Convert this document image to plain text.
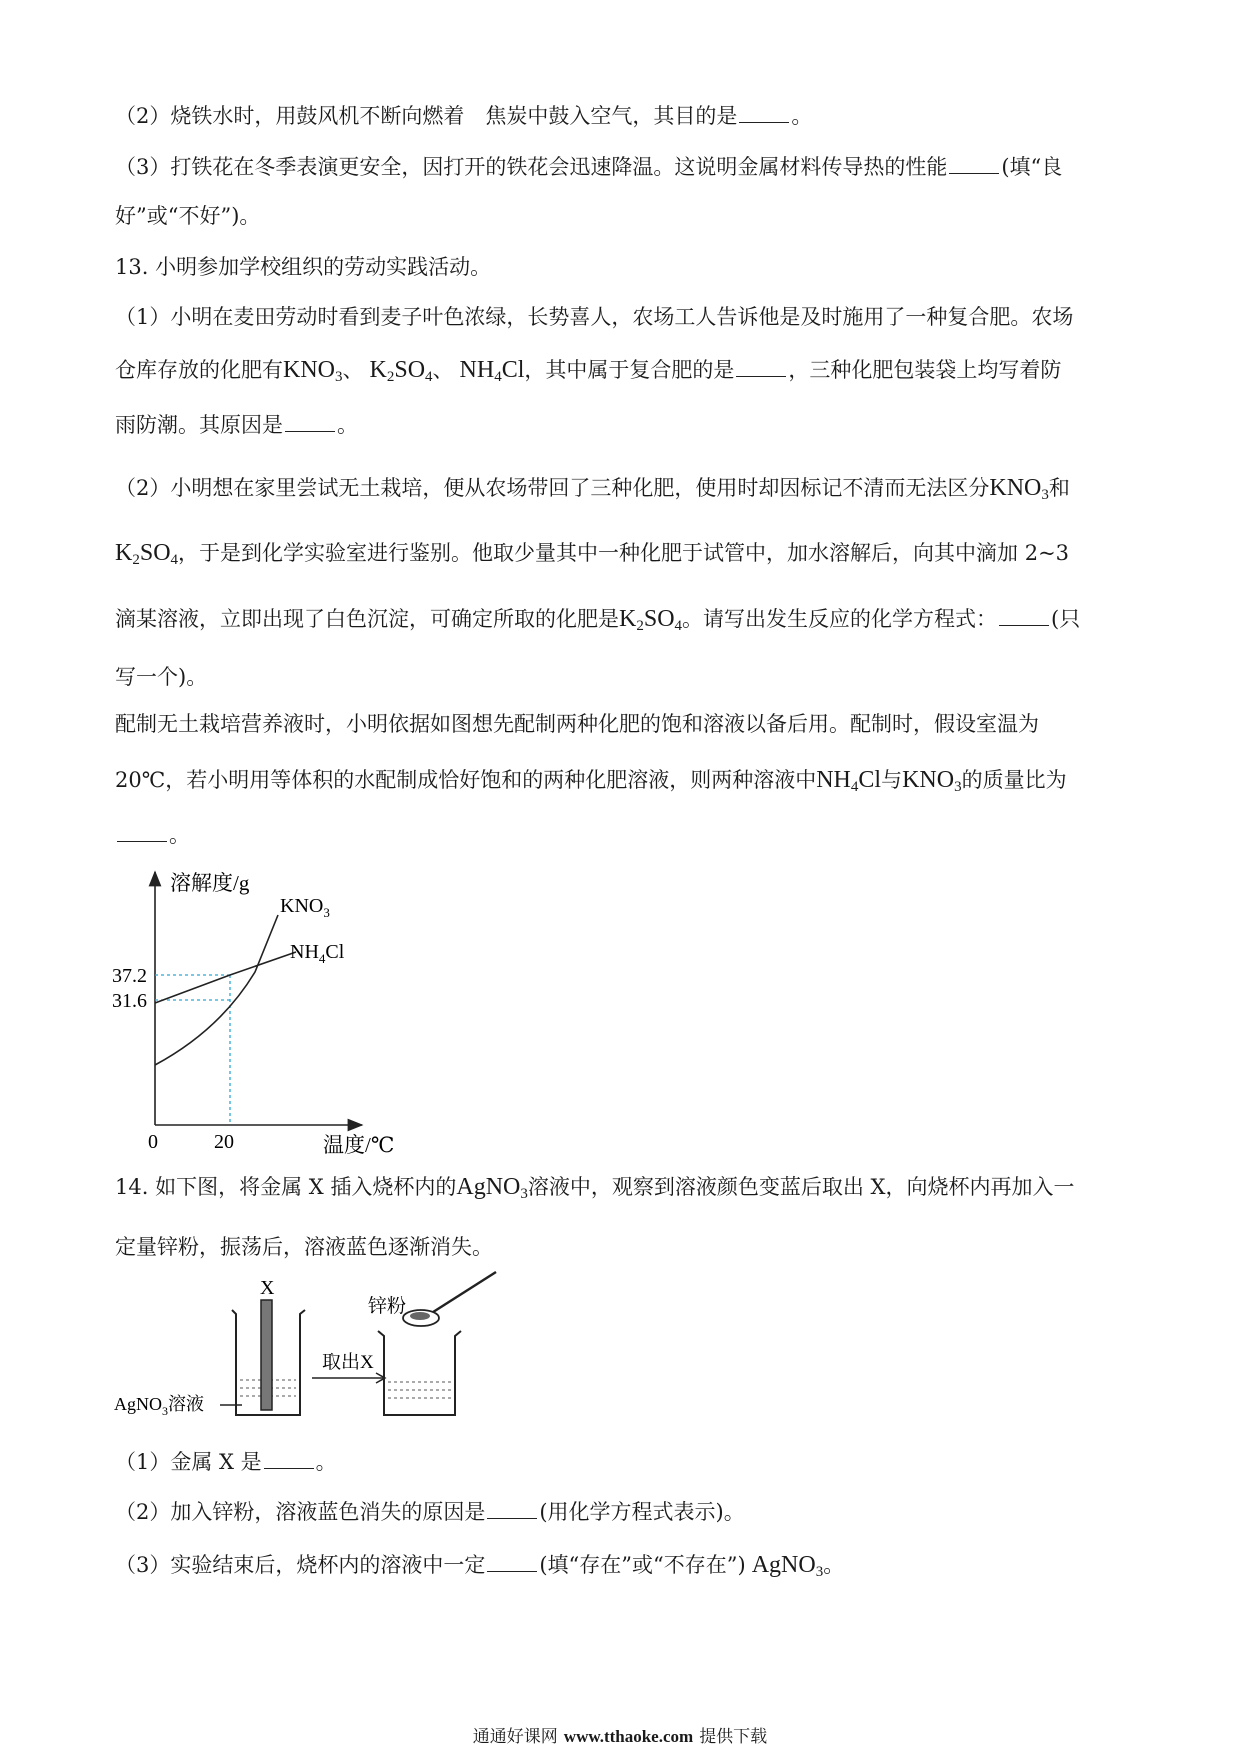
（2）烧铁水时，用鼓风机不断向燃着　焦炭中鼓入空气，其目的是	。
（3）打铁花在冬季表演更安全，因打开的铁花会迅速降温。这说明金属材料传导热的性能	(填“良
好”或“不好”)。
13. 小明参加学校组织的劳动实践活动。
（1）小明在麦田劳动时看到麦子叶色浓绿，长势喜人，农场工人告诉他是及时施用了一种复合肥。农场
仓库存放的化肥有$KNO_3$、 $K_2SO_4$、 $NH_4Cl$，其中属于复合肥的是	，三种化肥包装袋上均写着防
雨防潮。其原因是	。
（2）小明想在家里尝试无土栽培，便从农场带回了三种化肥，使用时却因标记不清而无法区分$KNO_3$和
$K_2SO_4$，于是到化学实验室进行鉴别。他取少量其中一种化肥于试管中，加水溶解后，向其中滴加 2~3
滴某溶液，立即出现了白色沉淀，可确定所取的化肥是$K_2SO_4$。请写出发生反应的化学方程式：	(只
写一个)。
配制无土栽培营养液时，小明依据如图想先配制两种化肥的饱和溶液以备后用。配制时，假设室温为
20℃，若小明用等体积的水配制成恰好饱和的两种化肥溶液，则两种溶液中$NH_4Cl$与$KNO_3$的质量比为
。
溶解度/g
温度/℃
0	20
37.2
31.6
$KNO_3$
$NH_4Cl$
14. 如下图，将金属 X 插入烧杯内的AgNO$_3$溶液中，观察到溶液颜色变蓝后取出 X，向烧杯内再加入一
定量锌粉，振荡后，溶液蓝色逐渐消失。
X
AgNO$_3$溶液
取出X
锌粉
（1）金属 X 是	。
（2）加入锌粉，溶液蓝色消失的原因是	(用化学方程式表示)。
（3）实验结束后，烧杯内的溶液中一定	(填“存在”或“不存在”) AgNO$_3$。
通通好课网 www.tthaoke.com 提供下载
